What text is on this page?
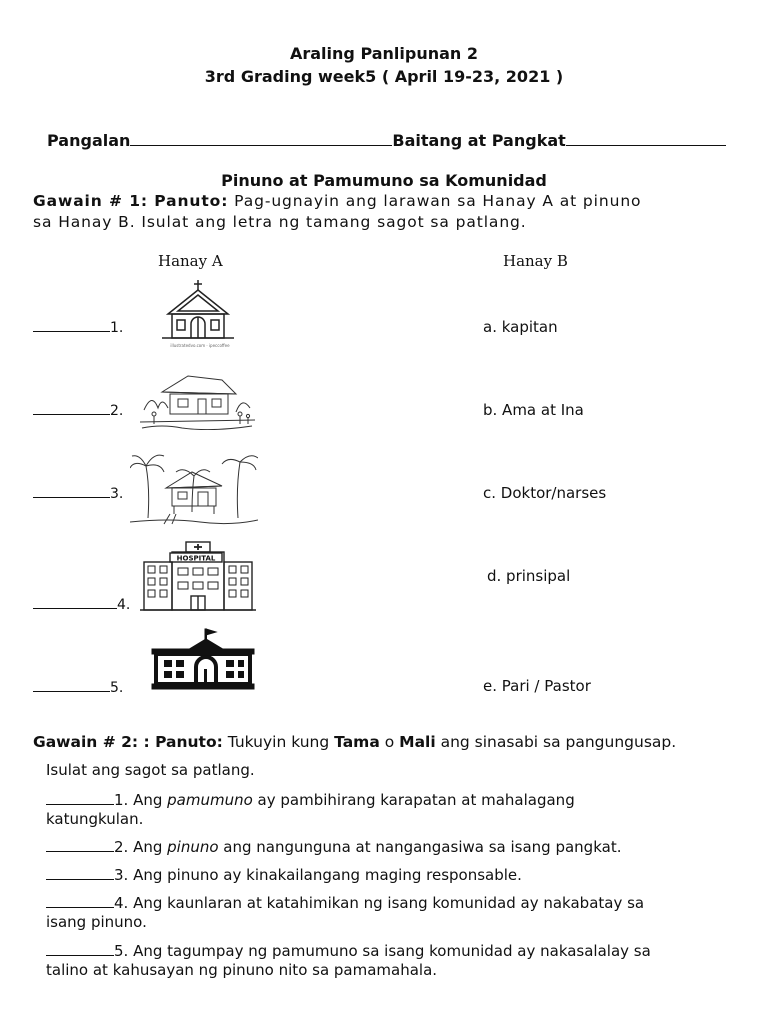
Araling Panlipunan 2
3rd Grading week5 ( April 19-23, 2021 )
Pangalan	Baitang at Pangkat
Pinuno at Pamumuno sa Komunidad
Gawain # 1: Panuto: Pag-ugnayin ang larawan sa Hanay A at pinuno
sa Hanay B. Isulat ang letra ng tamang sagot sa patlang.
Hanay A	Hanay B
1.
2.
3.
4.
5.
illustratedvo.com · ipeccoffee
HOSPITAL
a. kapitan
b. Ama at Ina
c. Doktor/narses
d. prinsipal
e. Pari / Pastor
Gawain # 2: : Panuto: Tukuyin kung Tama o Mali ang sinasabi sa pangungusap.
Isulat ang sagot sa patlang.
1. Ang pamumuno ay pambihirang karapatan at mahalagang
katungkulan.
2. Ang pinuno ang nangunguna at nangangasiwa sa isang pangkat.
3. Ang pinuno ay kinakailangang maging responsable.
4. Ang kaunlaran at katahimikan ng isang komunidad ay nakabatay sa
isang pinuno.
5. Ang tagumpay ng pamumuno sa isang komunidad ay nakasalalay sa
talino at kahusayan ng pinuno nito sa pamamahala.
